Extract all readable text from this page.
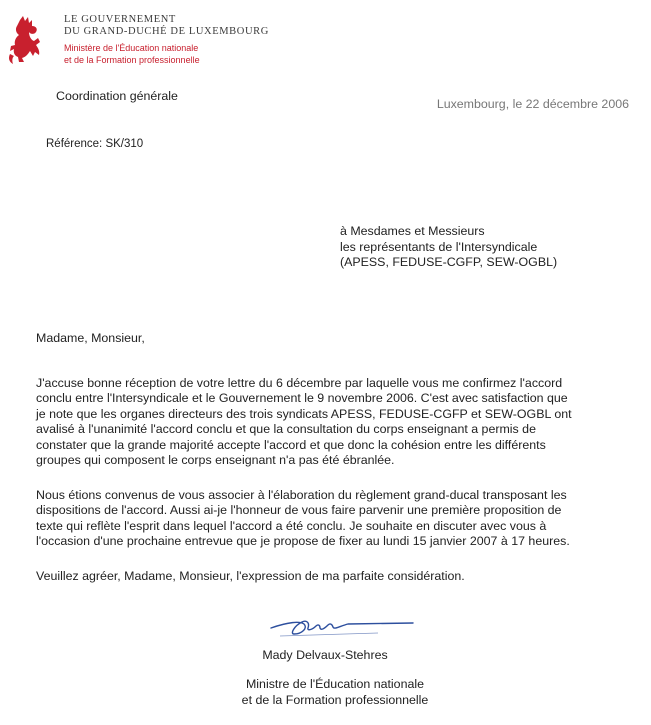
LE GOUVERNEMENT
DU GRAND-DUCHÉ DE LUXEMBOURG
Ministère de l'Éducation nationale
et de la Formation professionnelle
Coordination générale
Luxembourg, le 22 décembre 2006
Référence: SK/310
à Mesdames et Messieurs
les représentants de l'Intersyndicale
(APESS, FEDUSE-CGFP, SEW-OGBL)
Madame, Monsieur,
J'accuse bonne réception de votre lettre du 6 décembre par laquelle vous me confirmez l'accord
conclu entre l'Intersyndicale et le Gouvernement le 9 novembre 2006. C'est avec satisfaction que
je note que les organes directeurs des trois syndicats APESS, FEDUSE-CGFP et SEW-OGBL ont
avalisé à l'unanimité l'accord conclu et que la consultation du corps enseignant a permis de
constater que la grande majorité accepte l'accord et que donc la cohésion entre les différents
groupes qui composent le corps enseignant n'a pas été ébranlée.
Nous étions convenus de vous associer à l'élaboration du règlement grand-ducal transposant les
dispositions de l'accord. Aussi ai-je l'honneur de vous faire parvenir une première proposition de
texte qui reflète l'esprit dans lequel l'accord a été conclu. Je souhaite en discuter avec vous à
l'occasion d'une prochaine entrevue que je propose de fixer au lundi 15 janvier 2007 à 17 heures.
Veuillez agréer, Madame, Monsieur, l'expression de ma parfaite considération.
Mady Delvaux-Stehres
Ministre de l'Éducation nationale
et de la Formation professionnelle
